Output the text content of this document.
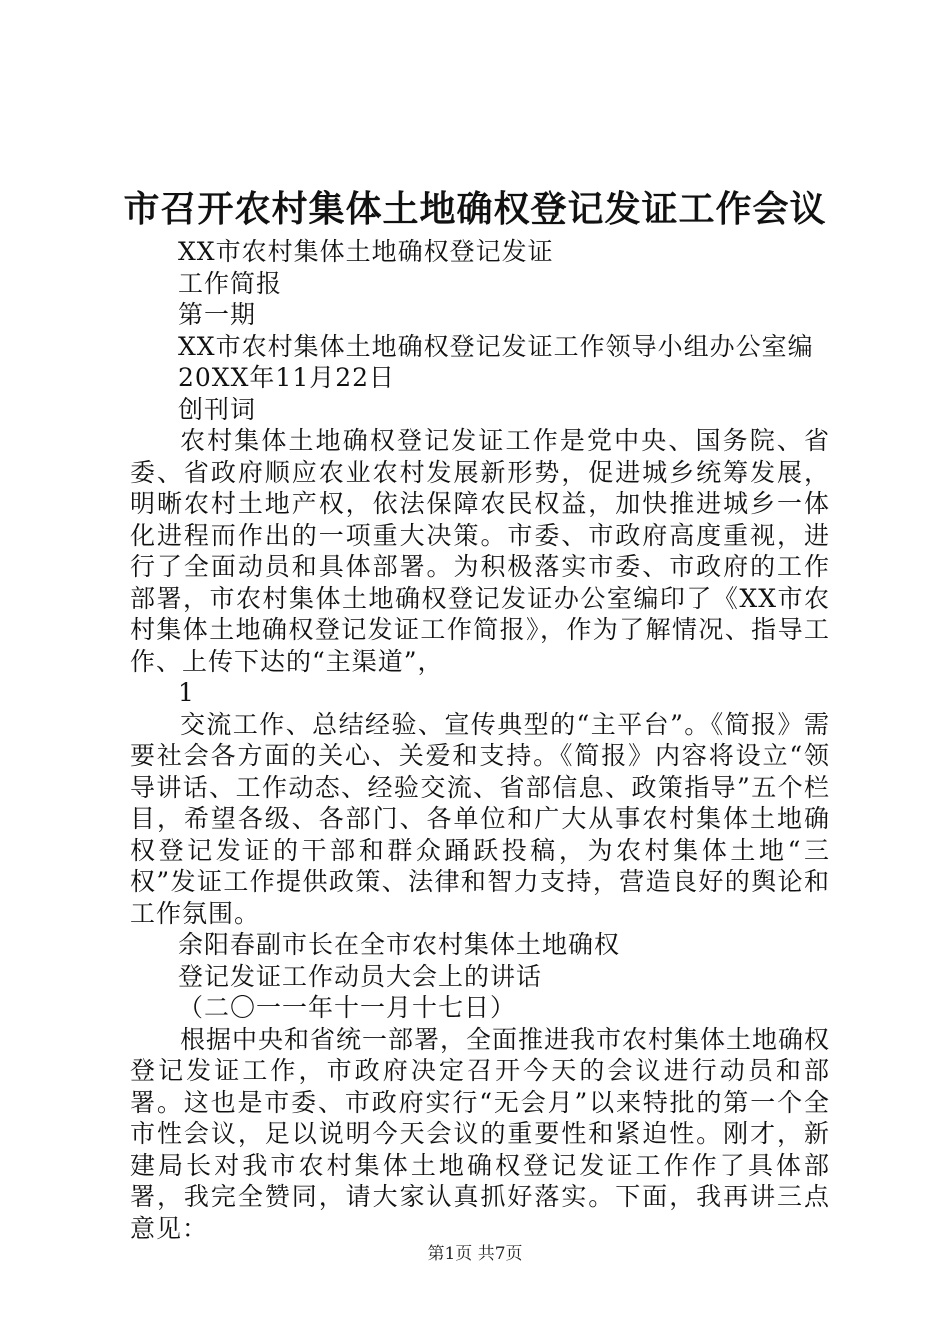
市召开农村集体土地确权登记发证工作会议

XX市农村集体土地确权登记发证

工作简报

第一期

XX市农村集体土地确权登记发证工作领导小组办公室编

20XX年11月22日

创刊词

农村集体土地确权登记发证工作是党中央、国务院、省委、省政府顺应农业农村发展新形势，促进城乡统筹发展，明晰农村土地产权，依法保障农民权益，加快推进城乡一体化进程而作出的一项重大决策。市委、市政府高度重视，进行了全面动员和具体部署。为积极落实市委、市政府的工作部署，市农村集体土地确权登记发证办公室编印了《XX市农村集体土地确权登记发证工作简报》，作为了解情况、指导工作、上传下达的“主渠道”，

1

交流工作、总结经验、宣传典型的“主平台”。《简报》需要社会各方面的关心、关爱和支持。《简报》内容将设立“领导讲话、工作动态、经验交流、省部信息、政策指导”五个栏目，希望各级、各部门、各单位和广大从事农村集体土地确权登记发证的干部和群众踊跃投稿，为农村集体土地“三权”发证工作提供政策、法律和智力支持，营造良好的舆论和工作氛围。

余阳春副市长在全市农村集体土地确权

登记发证工作动员大会上的讲话

（二〇一一年十一月十七日）

根据中央和省统一部署，全面推进我市农村集体土地确权登记发证工作，市政府决定召开今天的会议进行动员和部署。这也是市委、市政府实行“无会月”以来特批的第一个全市性会议，足以说明今天会议的重要性和紧迫性。刚才，新建局长对我市农村集体土地确权登记发证工作作了具体部署，我完全赞同，请大家认真抓好落实。下面，我再讲三点意见：

第1页 共7页
